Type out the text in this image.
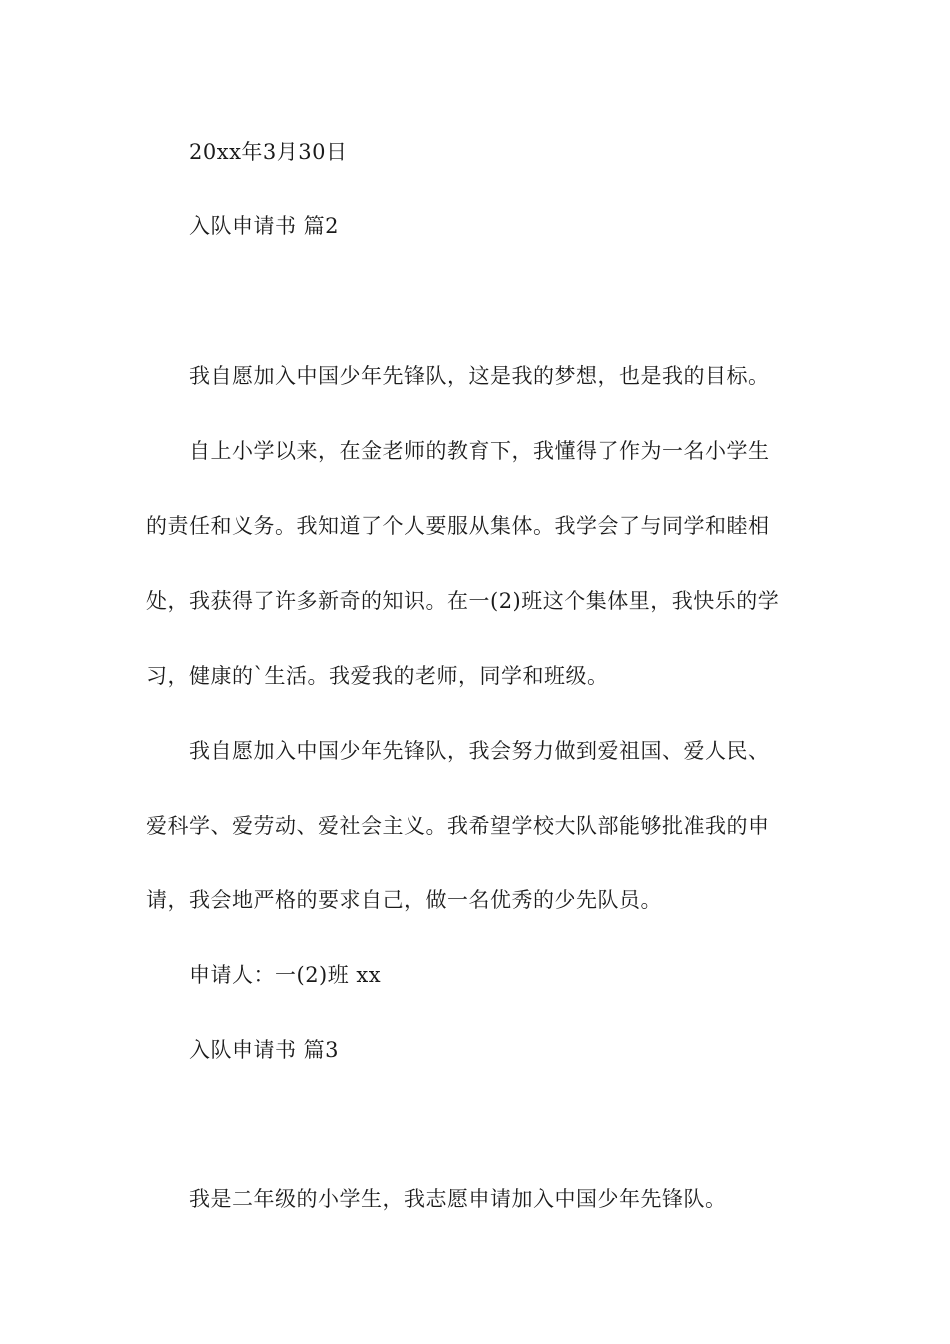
20xx年3月30日
入队申请书 篇2
我自愿加入中国少年先锋队，这是我的梦想，也是我的目标。
自上小学以来，在金老师的教育下，我懂得了作为一名小学生
的责任和义务。我知道了个人要服从集体。我学会了与同学和睦相
处，我获得了许多新奇的知识。在一(2)班这个集体里，我快乐的学
习，健康的`生活。我爱我的老师，同学和班级。
我自愿加入中国少年先锋队，我会努力做到爱祖国、爱人民、
爱科学、爱劳动、爱社会主义。我希望学校大队部能够批准我的申
请，我会地严格的要求自己，做一名优秀的少先队员。
申请人：一(2)班 xx
入队申请书 篇3
我是二年级的小学生，我志愿申请加入中国少年先锋队。
